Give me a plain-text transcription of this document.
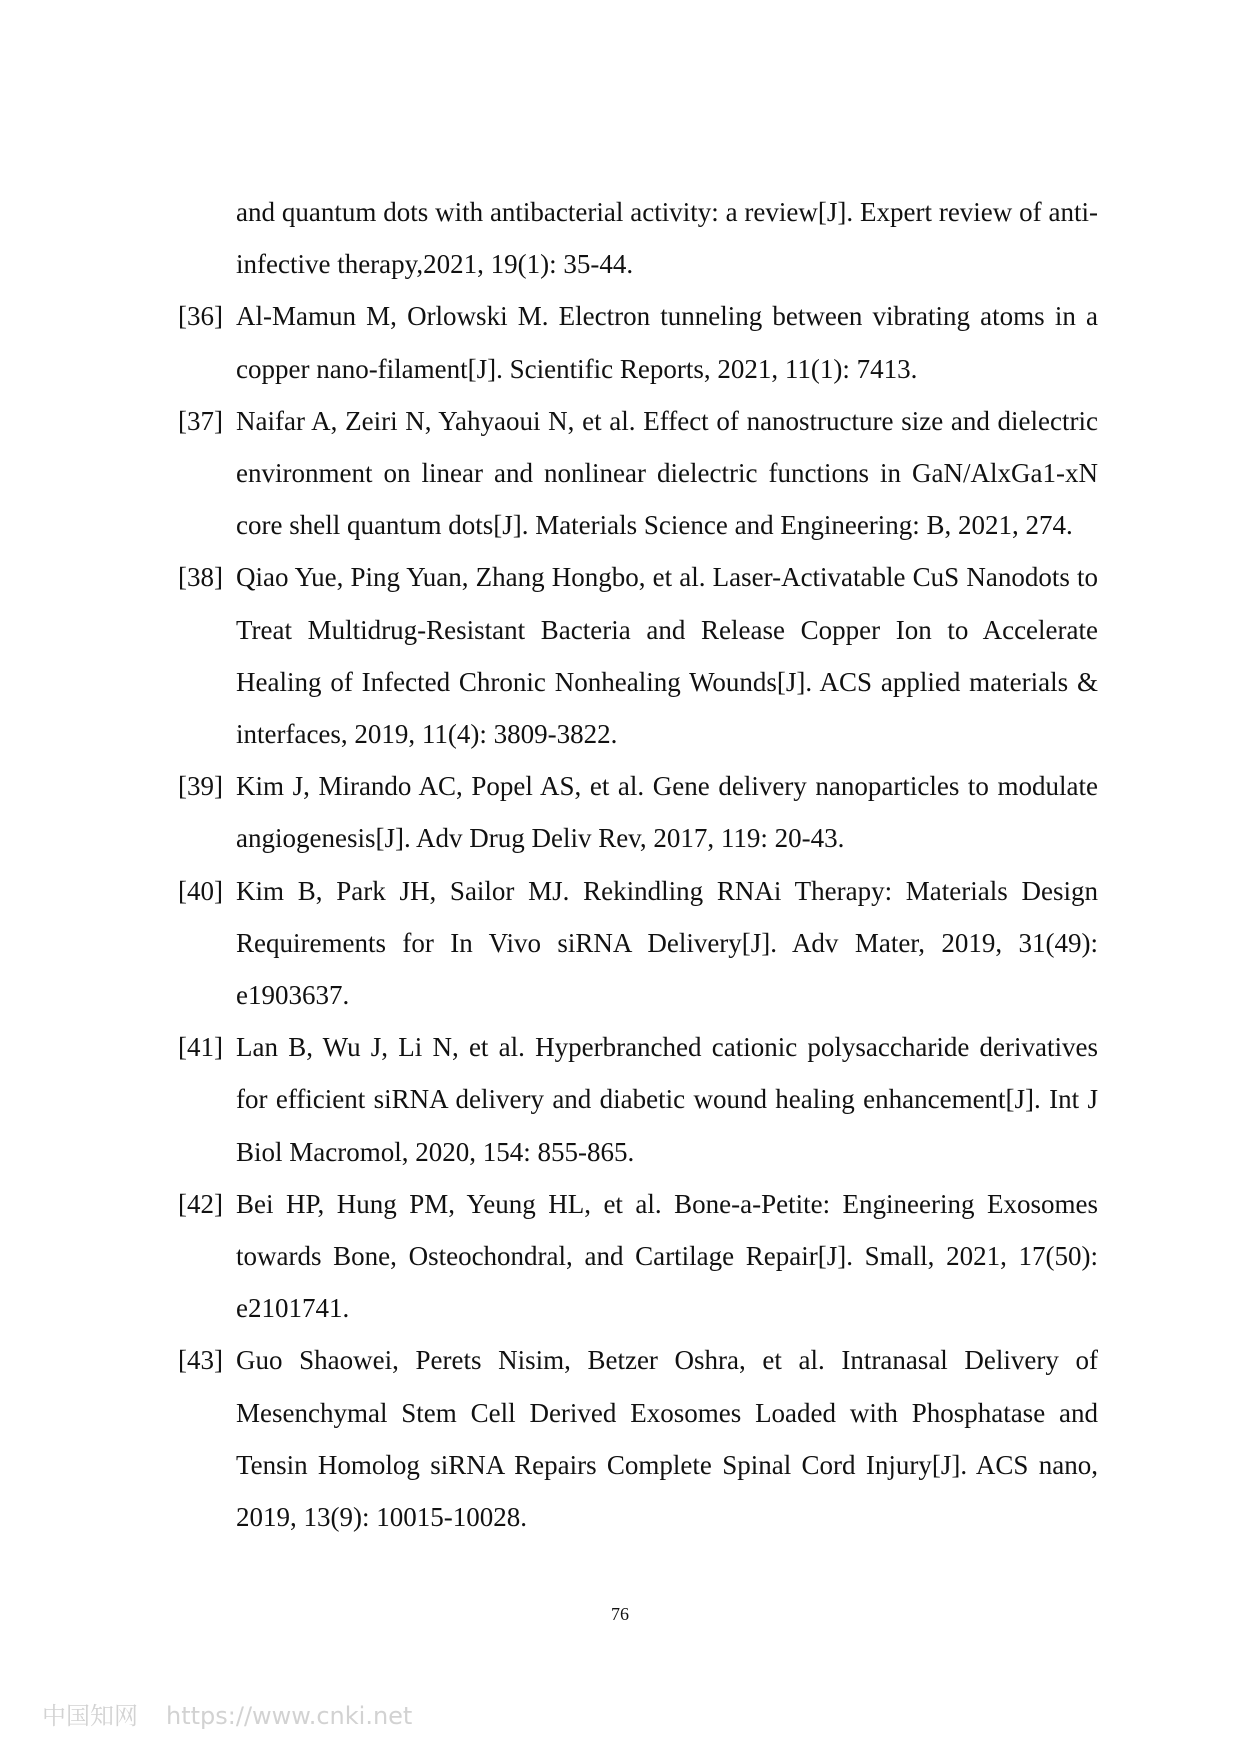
and quantum dots with antibacterial activity: a review[J]. Expert review of anti-infective therapy,2021, 19(1): 35-44.
[36] Al-Mamun M, Orlowski M. Electron tunneling between vibrating atoms in a copper nano-filament[J]. Scientific Reports, 2021, 11(1): 7413.
[37] Naifar A, Zeiri N, Yahyaoui N, et al. Effect of nanostructure size and dielectric environment on linear and nonlinear dielectric functions in GaN/AlxGa1-xN core shell quantum dots[J]. Materials Science and Engineering: B, 2021, 274.
[38] Qiao Yue, Ping Yuan, Zhang Hongbo, et al. Laser-Activatable CuS Nanodots to Treat Multidrug-Resistant Bacteria and Release Copper Ion to Accelerate Healing of Infected Chronic Nonhealing Wounds[J]. ACS applied materials & interfaces, 2019, 11(4): 3809-3822.
[39] Kim J, Mirando AC, Popel AS, et al. Gene delivery nanoparticles to modulate angiogenesis[J]. Adv Drug Deliv Rev, 2017, 119: 20-43.
[40] Kim B, Park JH, Sailor MJ. Rekindling RNAi Therapy: Materials Design Requirements for In Vivo siRNA Delivery[J]. Adv Mater, 2019, 31(49): e1903637.
[41] Lan B, Wu J, Li N, et al. Hyperbranched cationic polysaccharide derivatives for efficient siRNA delivery and diabetic wound healing enhancement[J]. Int J Biol Macromol, 2020, 154: 855-865.
[42] Bei HP, Hung PM, Yeung HL, et al. Bone-a-Petite: Engineering Exosomes towards Bone, Osteochondral, and Cartilage Repair[J]. Small, 2021, 17(50): e2101741.
[43] Guo Shaowei, Perets Nisim, Betzer Oshra, et al. Intranasal Delivery of Mesenchymal Stem Cell Derived Exosomes Loaded with Phosphatase and Tensin Homolog siRNA Repairs Complete Spinal Cord Injury[J]. ACS nano, 2019, 13(9): 10015-10028.
76
中国知网 https://www.cnki.net
